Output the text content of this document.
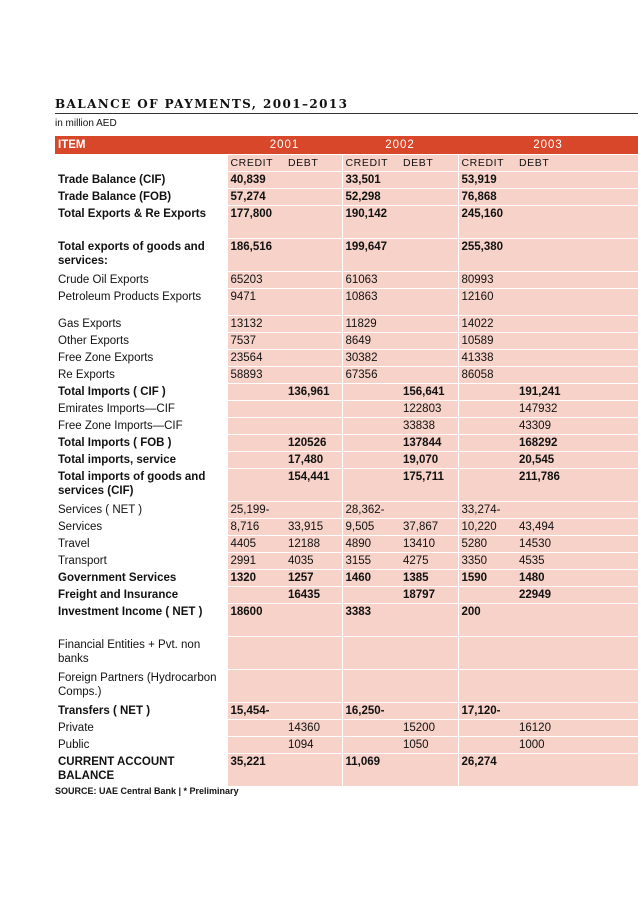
BALANCE OF PAYMENTS, 2001–2013
in million AED
ITEM	2001		2002		2003	
	CREDIT	DEBT	CREDIT	DEBT	CREDIT	DEBT
Trade Balance (CIF)	40,839		33,501		53,919	
Trade Balance (FOB)	57,274		52,298		76,868	
Total Exports & Re Exports	177,800		190,142		245,160	
Total exports of goods and services:	186,516		199,647		255,380	
Crude Oil Exports	65203		61063		80993	
Petroleum Products Exports	9471		10863		12160	
Gas Exports	13132		11829		14022	
Other Exports	7537		8649		10589	
Free Zone Exports	23564		30382		41338	
Re Exports	58893		67356		86058	
Total Imports ( CIF )		136,961		156,641		191,241
Emirates Imports—CIF				122803		147932
Free Zone Imports—CIF				33838		43309
Total Imports ( FOB )		120526		137844		168292
Total imports, service		17,480		19,070		20,545
Total imports of goods and services (CIF)		154,441		175,711		211,786
Services ( NET )	25,199-		28,362-		33,274-	
Services	8,716	33,915	9,505	37,867	10,220	43,494
Travel	4405	12188	4890	13410	5280	14530
Transport	2991	4035	3155	4275	3350	4535
Government Services	1320	1257	1460	1385	1590	1480
Freight and Insurance		16435		18797		22949
Investment Income ( NET )	18600		3383		200	
Financial Entities + Pvt. non banks						
Foreign Partners (Hydrocarbon Comps.)						
Transfers ( NET )	15,454-		16,250-		17,120-	
Private		14360		15200		16120
Public		1094		1050		1000
CURRENT ACCOUNT BALANCE	35,221		11,069		26,274	
SOURCE: UAE Central Bank | * Preliminary
